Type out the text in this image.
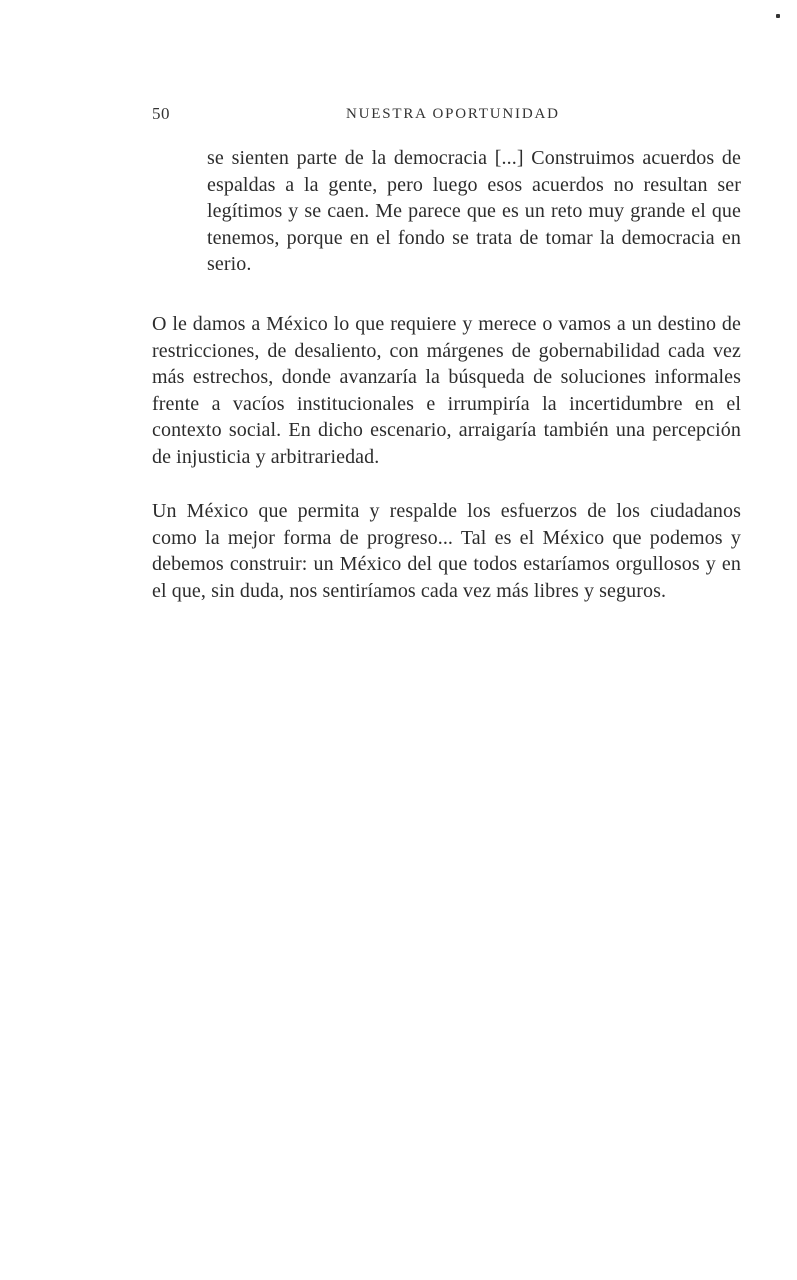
50	NUESTRA OPORTUNIDAD

se sienten parte de la democracia [...] Construimos acuerdos de espaldas a la gente, pero luego esos acuerdos no resultan ser legítimos y se caen. Me parece que es un reto muy grande el que tenemos, porque en el fondo se trata de tomar la democracia en serio.

O le damos a México lo que requiere y merece o vamos a un destino de restricciones, de desaliento, con márgenes de gobernabilidad cada vez más estrechos, donde avanzaría la búsqueda de soluciones informales frente a vacíos institucionales e irrumpiría la incertidumbre en el contexto social. En dicho escenario, arraigaría también una percepción de injusticia y arbitrariedad.

Un México que permita y respalde los esfuerzos de los ciudadanos como la mejor forma de progreso... Tal es el México que podemos y debemos construir: un México del que todos estaríamos orgullosos y en el que, sin duda, nos sentiríamos cada vez más libres y seguros.
